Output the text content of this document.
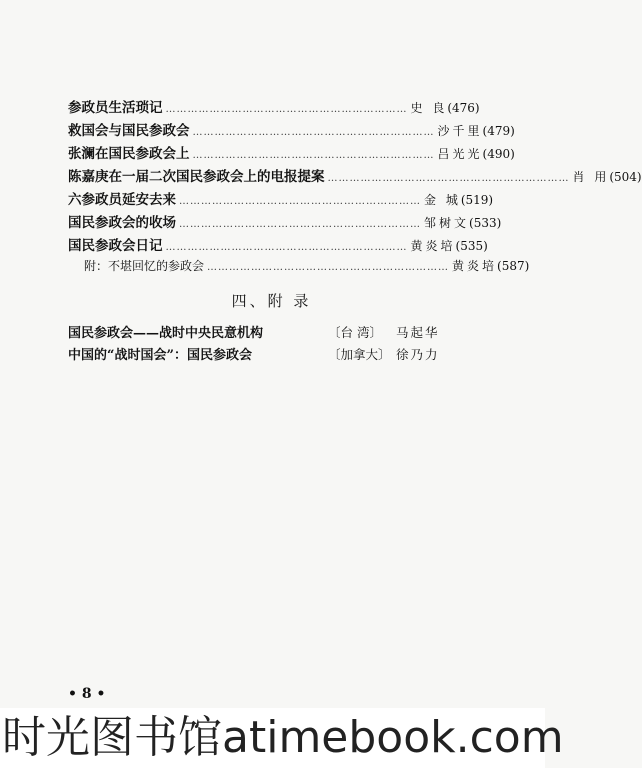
参政员生活琐记 ………………………………………………………… 史 良 (476)
救国会与国民参政会 ………………………………………………………… 沙千里 (479)
张澜在国民参政会上 ………………………………………………………… 吕光光 (490)
陈嘉庚在一届二次国民参政会上的电报提案 ………………………………………………………… 肖 用 (504)
六参政员延安去来 ………………………………………………………… 金 城 (519)
国民参政会的收场 ………………………………………………………… 邹树文 (533)
国民参政会日记 ………………………………………………………… 黄炎培 (535)
附：不堪回忆的参政会 ………………………………………………………… 黄炎培 (587)
四、附 录
国民参政会——战时中央民意机构	〔台 湾〕	马起华
中国的“战时国会”：国民参政会	〔加拿大〕 徐乃力
• 8 •
时光图书馆atimebook.com
